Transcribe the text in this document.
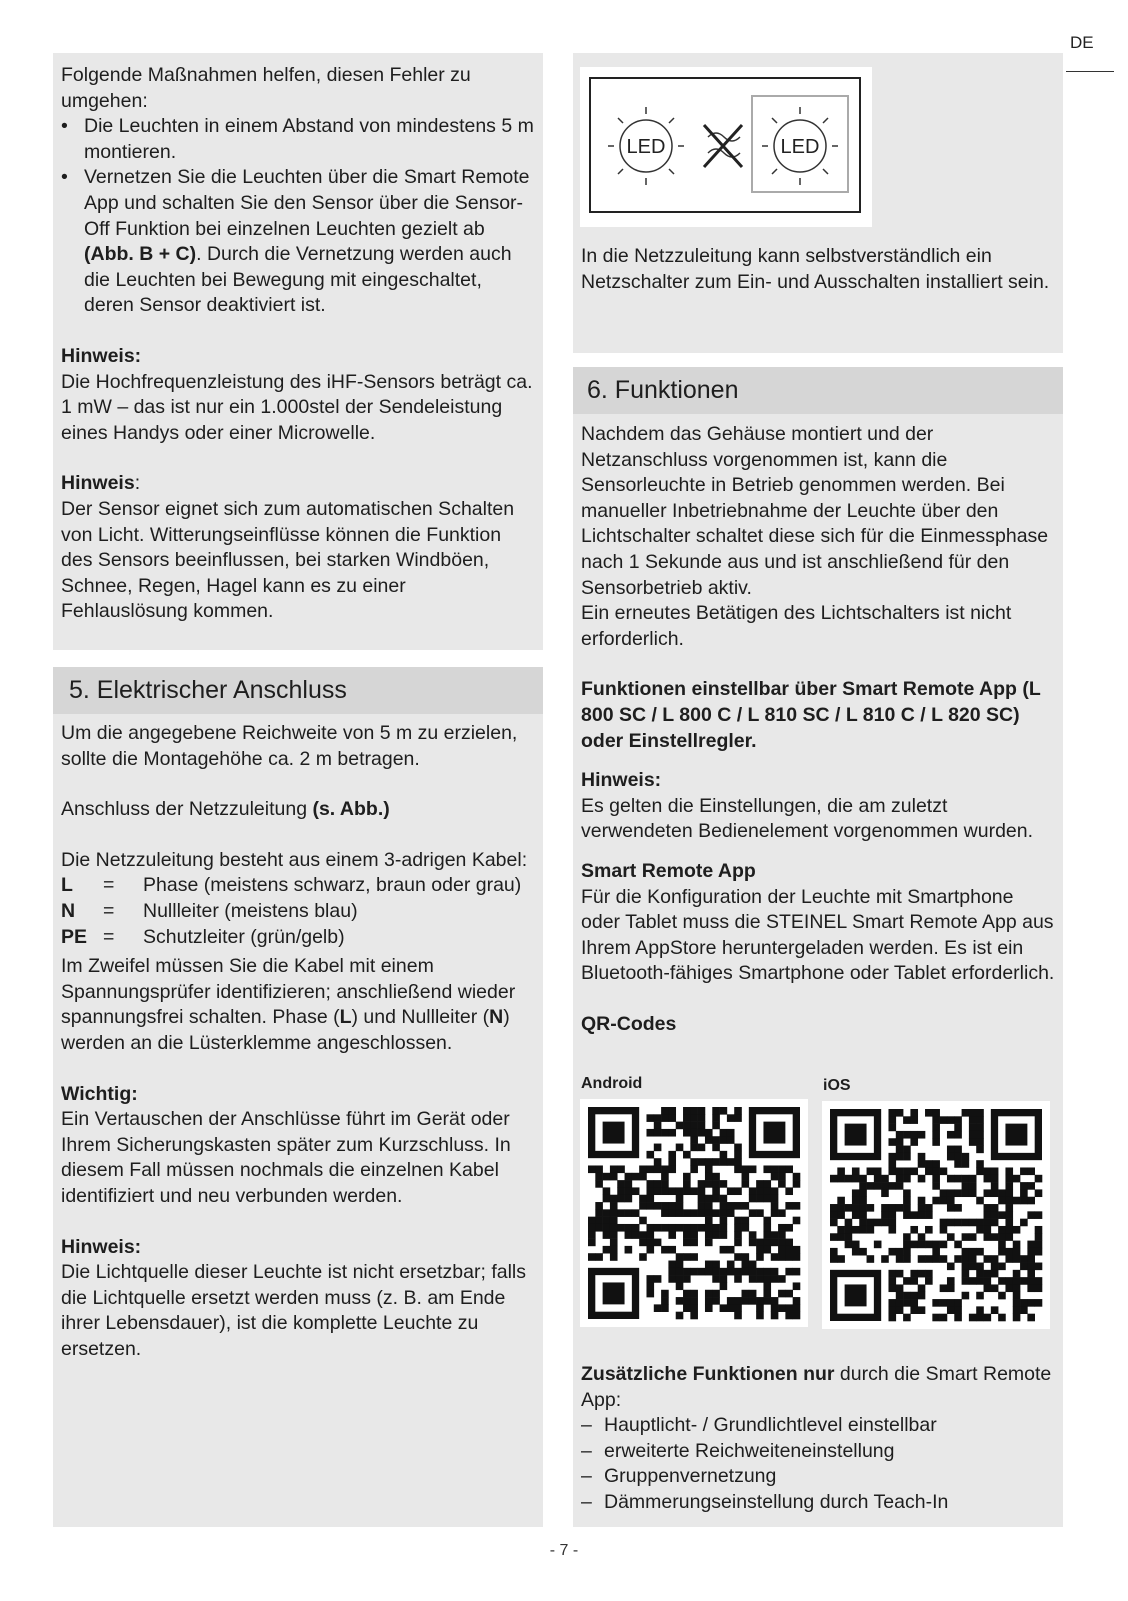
DE

Folgende Maßnahmen helfen, diesen Fehler zu umgehen:

• Die Leuchten in einem Abstand von mindestens 5 m montieren.
• Vernetzen Sie die Leuchten über die Smart Remote App und schalten Sie den Sensor über die Sensor-Off Funktion bei einzelnen Leuchten gezielt ab (Abb. B + C). Durch die Vernetzung werden auch die Leuchten bei Bewegung mit eingeschaltet, deren Sensor deaktiviert ist.

Hinweis:

Die Hochfrequenzleistung des iHF-Sensors beträgt ca. 1 mW – das ist nur ein 1.000stel der Sendeleistung eines Handys oder einer Microwelle.

Hinweis:

Der Sensor eignet sich zum automatischen Schalten von Licht. Witterungseinflüsse können die Funktion des Sensors beeinflussen, bei starken Windböen, Schnee, Regen, Hagel kann es zu einer Fehlauslösung kommen.

5. Elektrischer Anschluss

Um die angegebene Reichweite von 5 m zu erzielen, sollte die Montagehöhe ca. 2 m betragen.

Anschluss der Netzzuleitung (s. Abb.)

Die Netzzuleitung besteht aus einem 3-adrigen Kabel:

L	=	Phase (meistens schwarz, braun oder grau)
N	=	Nullleiter (meistens blau)
PE =	Schutzleiter (grün/gelb)

Im Zweifel müssen Sie die Kabel mit einem Spannungsprüfer identifizieren; anschließend wieder spannungsfrei schalten. Phase (L) und Nullleiter (N) werden an die Lüsterklemme angeschlossen.

Wichtig:

Ein Vertauschen der Anschlüsse führt im Gerät oder Ihrem Sicherungskasten später zum Kurzschluss. In diesem Fall müssen nochmals die einzelnen Kabel identifiziert und neu verbunden werden.

Hinweis:

Die Lichtquelle dieser Leuchte ist nicht ersetzbar; falls die Lichtquelle ersetzt werden muss (z. B. am Ende ihrer Lebensdauer), ist die komplette Leuchte zu ersetzen.

LED	LED

In die Netzzuleitung kann selbstverständlich ein Netzschalter zum Ein- und Ausschalten installiert sein.

6. Funktionen

Nachdem das Gehäuse montiert und der Netzanschluss vorgenommen ist, kann die Sensorleuchte in Betrieb genommen werden. Bei manueller Inbetriebnahme der Leuchte über den Lichtschalter schaltet diese sich für die Einmessphase nach 1 Sekunde aus und ist anschließend für den Sensorbetrieb aktiv.

Ein erneutes Betätigen des Lichtschalters ist nicht erforderlich.

Funktionen einstellbar über Smart Remote App (L 800 SC / L 800 C / L 810 SC / L 810 C / L 820 SC) oder Einstellregler.

Hinweis:

Es gelten die Einstellungen, die am zuletzt verwendeten Bedienelement vorgenommen wurden.

Smart Remote App

Für die Konfiguration der Leuchte mit Smartphone oder Tablet muss die STEINEL Smart Remote App aus Ihrem AppStore heruntergeladen werden. Es ist ein Bluetooth-fähiges Smartphone oder Tablet erforderlich.

QR-Codes

Android	iOS

Zusätzliche Funktionen nur durch die Smart Remote App:

– Hauptlicht- / Grundlichtlevel einstellbar
– erweiterte Reichweiteneinstellung
– Gruppenvernetzung
– Dämmerungseinstellung durch Teach-In
- 7 -
